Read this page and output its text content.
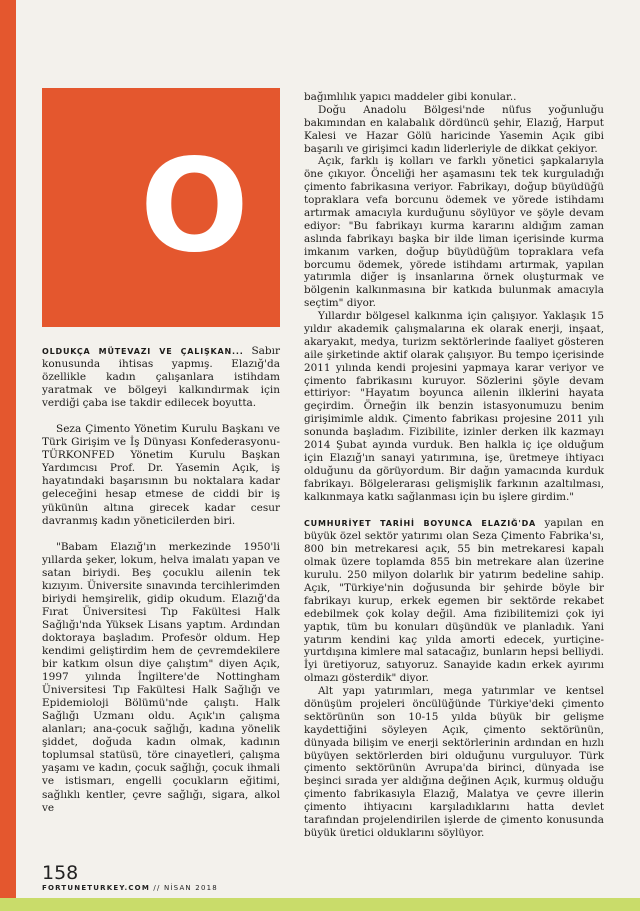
O

OLDUKÇA MÜTEVAZI VE ÇALIŞKAN... Sabır konusunda ihtisas yapmış. Elazığ'da özellikle kadın çalışanlara istihdam yaratmak ve bölgeyi kalkındırmak için verdiği çaba ise takdir edilecek boyutta.

Seza Çimento Yönetim Kurulu Başkanı ve Türk Girişim ve İş Dünyası Konfederasyonu-TÜRKONFED Yönetim Kurulu Başkan Yardımcısı Prof. Dr. Yasemin Açık, iş hayatındaki başarısının bu noktalara kadar geleceğini hesap etmese de ciddi bir iş yükünün altına girecek kadar cesur davranmış kadın yöneticilerden biri.

"Babam Elazığ'ın merkezinde 1950'li yıllarda şeker, lokum, helva imalatı yapan ve satan biriydi. Beş çocuklu ailenin tek kızıyım. Üniversite sınavında tercihlerimden biriydi hemşirelik, gidip okudum. Elazığ'da Fırat Üniversitesi Tıp Fakültesi Halk Sağlığı'nda Yüksek Lisans yaptım. Ardından doktoraya başladım. Profesör oldum. Hep kendimi geliştirdim hem de çevremdekilere bir katkım olsun diye çalıştım" diyen Açık, 1997 yılında İngiltere'de Nottingham Üniversitesi Tıp Fakültesi Halk Sağlığı ve Epidemioloji Bölümü'nde çalıştı. Halk Sağlığı Uzmanı oldu. Açık'ın çalışma alanları; ana-çocuk sağlığı, kadına yönelik şiddet, doğuda kadın olmak, kadının toplumsal statüsü, töre cinayetleri, çalışma yaşamı ve kadın, çocuk sağlığı, çocuk ihmali ve istismarı, engelli çocukların eğitimi, sağlıklı kentler, çevre sağlığı, sigara, alkol ve

bağımlılık yapıcı maddeler gibi konular..

Doğu Anadolu Bölgesi'nde nüfus yoğunluğu bakımından en kalabalık dördüncü şehir, Elazığ, Harput Kalesi ve Hazar Gölü haricinde Yasemin Açık gibi başarılı ve girişimci kadın liderleriyle de dikkat çekiyor.

Açık, farklı iş kolları ve farklı yönetici şapkalarıyla öne çıkıyor. Önceliği her aşamasını tek tek kurguladığı çimento fabrikasına veriyor. Fabrikayı, doğup büyüdüğü topraklara vefa borcunu ödemek ve yörede istihdamı artırmak amacıyla kurduğunu söylüyor ve şöyle devam ediyor: "Bu fabrikayı kurma kararını aldığım zaman aslında fabrikayı başka bir ilde liman içerisinde kurma imkanım varken, doğup büyüdüğüm topraklara vefa borcumu ödemek, yörede istihdamı artırmak, yapılan yatırımla diğer iş insanlarına örnek oluşturmak ve bölgenin kalkınmasına bir katkıda bulunmak amacıyla seçtim" diyor.

Yıllardır bölgesel kalkınma için çalışıyor. Yaklaşık 15 yıldır akademik çalışmalarına ek olarak enerji, inşaat, akaryakıt, medya, turizm sektörlerinde faaliyet gösteren aile şirketinde aktif olarak çalışıyor. Bu tempo içerisinde 2011 yılında kendi projesini yapmaya karar veriyor ve çimento fabrikasını kuruyor. Sözlerini şöyle devam ettiriyor: "Hayatım boyunca ailenin ilklerini hayata geçirdim. Örneğin ilk benzin istasyonumuzu benim girişimimle aldık. Çimento fabrikası projesine 2011 yılı sonunda başladım. Fizibilite, izinler derken ilk kazmayı 2014 Şubat ayında vurduk. Ben halkla iç içe olduğum için Elazığ'ın sanayi yatırımına, işe, üretmeye ihtiyacı olduğunu da görüyordum. Bir dağın yamacında kurduk fabrikayı. Bölgelerarası gelişmişlik farkının azaltılması, kalkınmaya katkı sağlanması için bu işlere girdim."

CUMHURİYET TARİHİ BOYUNCA ELAZIĞ'DA yapılan en büyük özel sektör yatırımı olan Seza Çimento Fabrika'sı, 800 bin metrekaresi açık, 55 bin metrekaresi kapalı olmak üzere toplamda 855 bin metrekare alan üzerine kurulu. 250 milyon dolarlık bir yatırım bedeline sahip. Açık, "Türkiye'nin doğusunda bir şehirde böyle bir fabrikayı kurup, erkek egemen bir sektörde rekabet edebilmek çok kolay değil. Ama fizibilitemizi çok iyi yaptık, tüm bu konuları düşündük ve planladık. Yani yatırım kendini kaç yılda amorti edecek, yurtiçine-yurtdışına kimlere mal satacağız, bunların hepsi belliydi. İyi üretiyoruz, satıyoruz. Sanayide kadın erkek ayırımı olmazı gösterdik" diyor.

Alt yapı yatırımları, mega yatırımlar ve kentsel dönüşüm projeleri öncülüğünde Türkiye'deki çimento sektörünün son 10-15 yılda büyük bir gelişme kaydettiğini söyleyen Açık, çimento sektörünün, dünyada bilişim ve enerji sektörlerinin ardından en hızlı büyüyen sektörlerden biri olduğunu vurguluyor. Türk çimento sektörünün Avrupa'da birinci, dünyada ise beşinci sırada yer aldığına değinen Açık, kurmuş olduğu çimento fabrikasıyla Elazığ, Malatya ve çevre illerin çimento ihtiyacını karşıladıklarını hatta devlet tarafından projelendirilen işlerde de çimento konusunda büyük üretici olduklarını söylüyor.

158
FORTUNETURKEY.COM // NİSAN 2018
